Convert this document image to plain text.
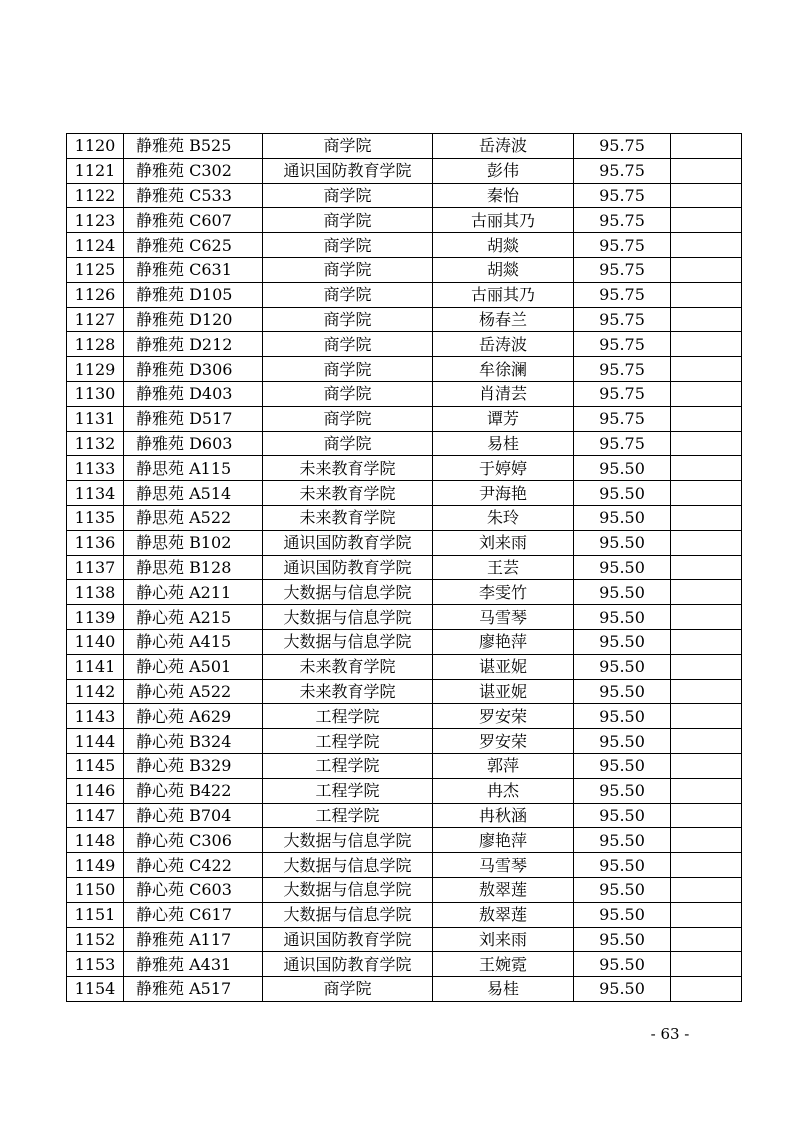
1120	静雅苑 B525	商学院	岳涛波	95.75	
1121	静雅苑 C302	通识国防教育学院	彭伟	95.75	
1122	静雅苑 C533	商学院	秦怡	95.75	
1123	静雅苑 C607	商学院	古丽其乃	95.75	
1124	静雅苑 C625	商学院	胡燚	95.75	
1125	静雅苑 C631	商学院	胡燚	95.75	
1126	静雅苑 D105	商学院	古丽其乃	95.75	
1127	静雅苑 D120	商学院	杨春兰	95.75	
1128	静雅苑 D212	商学院	岳涛波	95.75	
1129	静雅苑 D306	商学院	牟徐澜	95.75	
1130	静雅苑 D403	商学院	肖清芸	95.75	
1131	静雅苑 D517	商学院	谭芳	95.75	
1132	静雅苑 D603	商学院	易桂	95.75	
1133	静思苑 A115	未来教育学院	于婷婷	95.50	
1134	静思苑 A514	未来教育学院	尹海艳	95.50	
1135	静思苑 A522	未来教育学院	朱玲	95.50	
1136	静思苑 B102	通识国防教育学院	刘来雨	95.50	
1137	静思苑 B128	通识国防教育学院	王芸	95.50	
1138	静心苑 A211	大数据与信息学院	李雯竹	95.50	
1139	静心苑 A215	大数据与信息学院	马雪琴	95.50	
1140	静心苑 A415	大数据与信息学院	廖艳萍	95.50	
1141	静心苑 A501	未来教育学院	谌亚妮	95.50	
1142	静心苑 A522	未来教育学院	谌亚妮	95.50	
1143	静心苑 A629	工程学院	罗安荣	95.50	
1144	静心苑 B324	工程学院	罗安荣	95.50	
1145	静心苑 B329	工程学院	郭萍	95.50	
1146	静心苑 B422	工程学院	冉杰	95.50	
1147	静心苑 B704	工程学院	冉秋涵	95.50	
1148	静心苑 C306	大数据与信息学院	廖艳萍	95.50	
1149	静心苑 C422	大数据与信息学院	马雪琴	95.50	
1150	静心苑 C603	大数据与信息学院	敖翠莲	95.50	
1151	静心苑 C617	大数据与信息学院	敖翠莲	95.50	
1152	静雅苑 A117	通识国防教育学院	刘来雨	95.50	
1153	静雅苑 A431	通识国防教育学院	王婉霓	95.50	
1154	静雅苑 A517	商学院	易桂	95.50	
- 63 -
